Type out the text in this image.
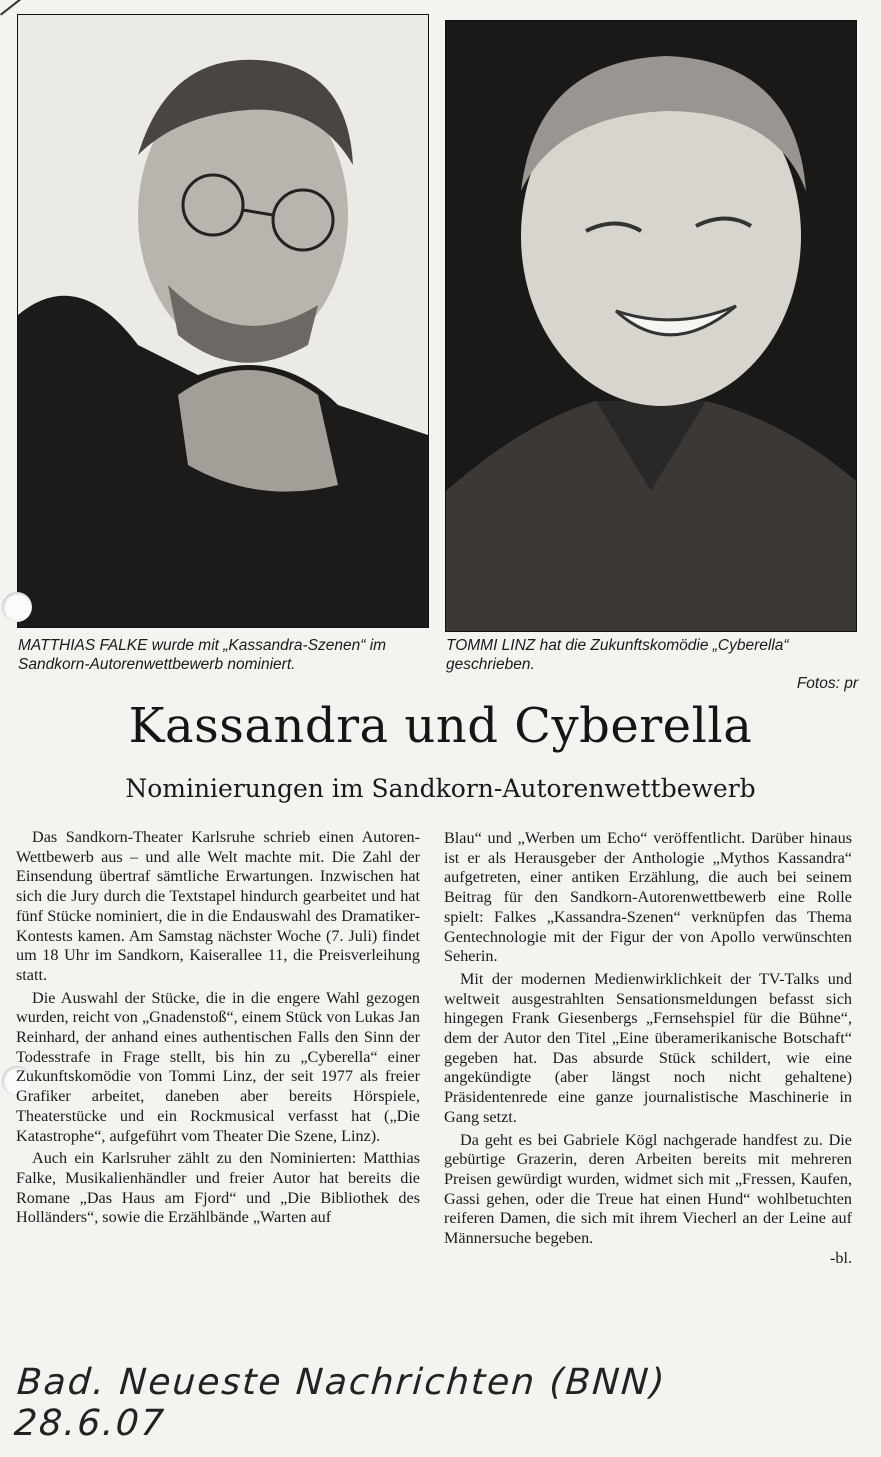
MATTHIAS FALKE wurde mit „Kassandra-Szenen“ im Sandkorn-Autorenwettbewerb nominiert.
TOMMI LINZ hat die Zukunftskomödie „Cyberella“ geschrieben.
Fotos: pr
Kassandra und Cyberella
Nominierungen im Sandkorn-Autorenwettbewerb

Das Sandkorn-Theater Karlsruhe schrieb einen Autoren-Wettbewerb aus – und alle Welt machte mit. Die Zahl der Einsendung übertraf sämtliche Erwartungen. Inzwischen hat sich die Jury durch die Textstapel hindurch gearbeitet und hat fünf Stücke nominiert, die in die Endauswahl des Dramatiker-Kontests kamen. Am Samstag nächster Woche (7. Juli) findet um 18 Uhr im Sandkorn, Kaiserallee 11, die Preisverleihung statt.

Die Auswahl der Stücke, die in die engere Wahl gezogen wurden, reicht von „Gnadenstoß“, einem Stück von Lukas Jan Reinhard, der anhand eines authentischen Falls den Sinn der Todesstrafe in Frage stellt, bis hin zu „Cyberella“ einer Zukunftskomödie von Tommi Linz, der seit 1977 als freier Grafiker arbeitet, daneben aber bereits Hörspiele, Theaterstücke und ein Rockmusical verfasst hat („Die Katastrophe“, aufgeführt vom Theater Die Szene, Linz).

Auch ein Karlsruher zählt zu den Nominierten: Matthias Falke, Musikalienhändler und freier Autor hat bereits die Romane „Das Haus am Fjord“ und „Die Bibliothek des Holländers“, sowie die Erzählbände „Warten auf

Blau“ und „Werben um Echo“ veröffentlicht. Darüber hinaus ist er als Herausgeber der Anthologie „Mythos Kassandra“ aufgetreten, einer antiken Erzählung, die auch bei seinem Beitrag für den Sandkorn-Autorenwettbewerb eine Rolle spielt: Falkes „Kassandra-Szenen“ verknüpfen das Thema Gentechnologie mit der Figur der von Apollo verwünschten Seherin.

Mit der modernen Medienwirklichkeit der TV-Talks und weltweit ausgestrahlten Sensationsmeldungen befasst sich hingegen Frank Giesenbergs „Fernsehspiel für die Bühne“, dem der Autor den Titel „Eine überamerikanische Botschaft“ gegeben hat. Das absurde Stück schildert, wie eine angekündigte (aber längst noch nicht gehaltene) Präsidentenrede eine ganze journalistische Maschinerie in Gang setzt.

Da geht es bei Gabriele Kögl nachgerade handfest zu. Die gebürtige Grazerin, deren Arbeiten bereits mit mehreren Preisen gewürdigt wurden, widmet sich mit „Fressen, Kaufen, Gassi gehen, oder die Treue hat einen Hund“ wohlbetuchten reiferen Damen, die sich mit ihrem Viecherl an der Leine auf Männersuche begeben.

-bl.
Bad. Neueste Nachrichten (BNN) 28.6.07
